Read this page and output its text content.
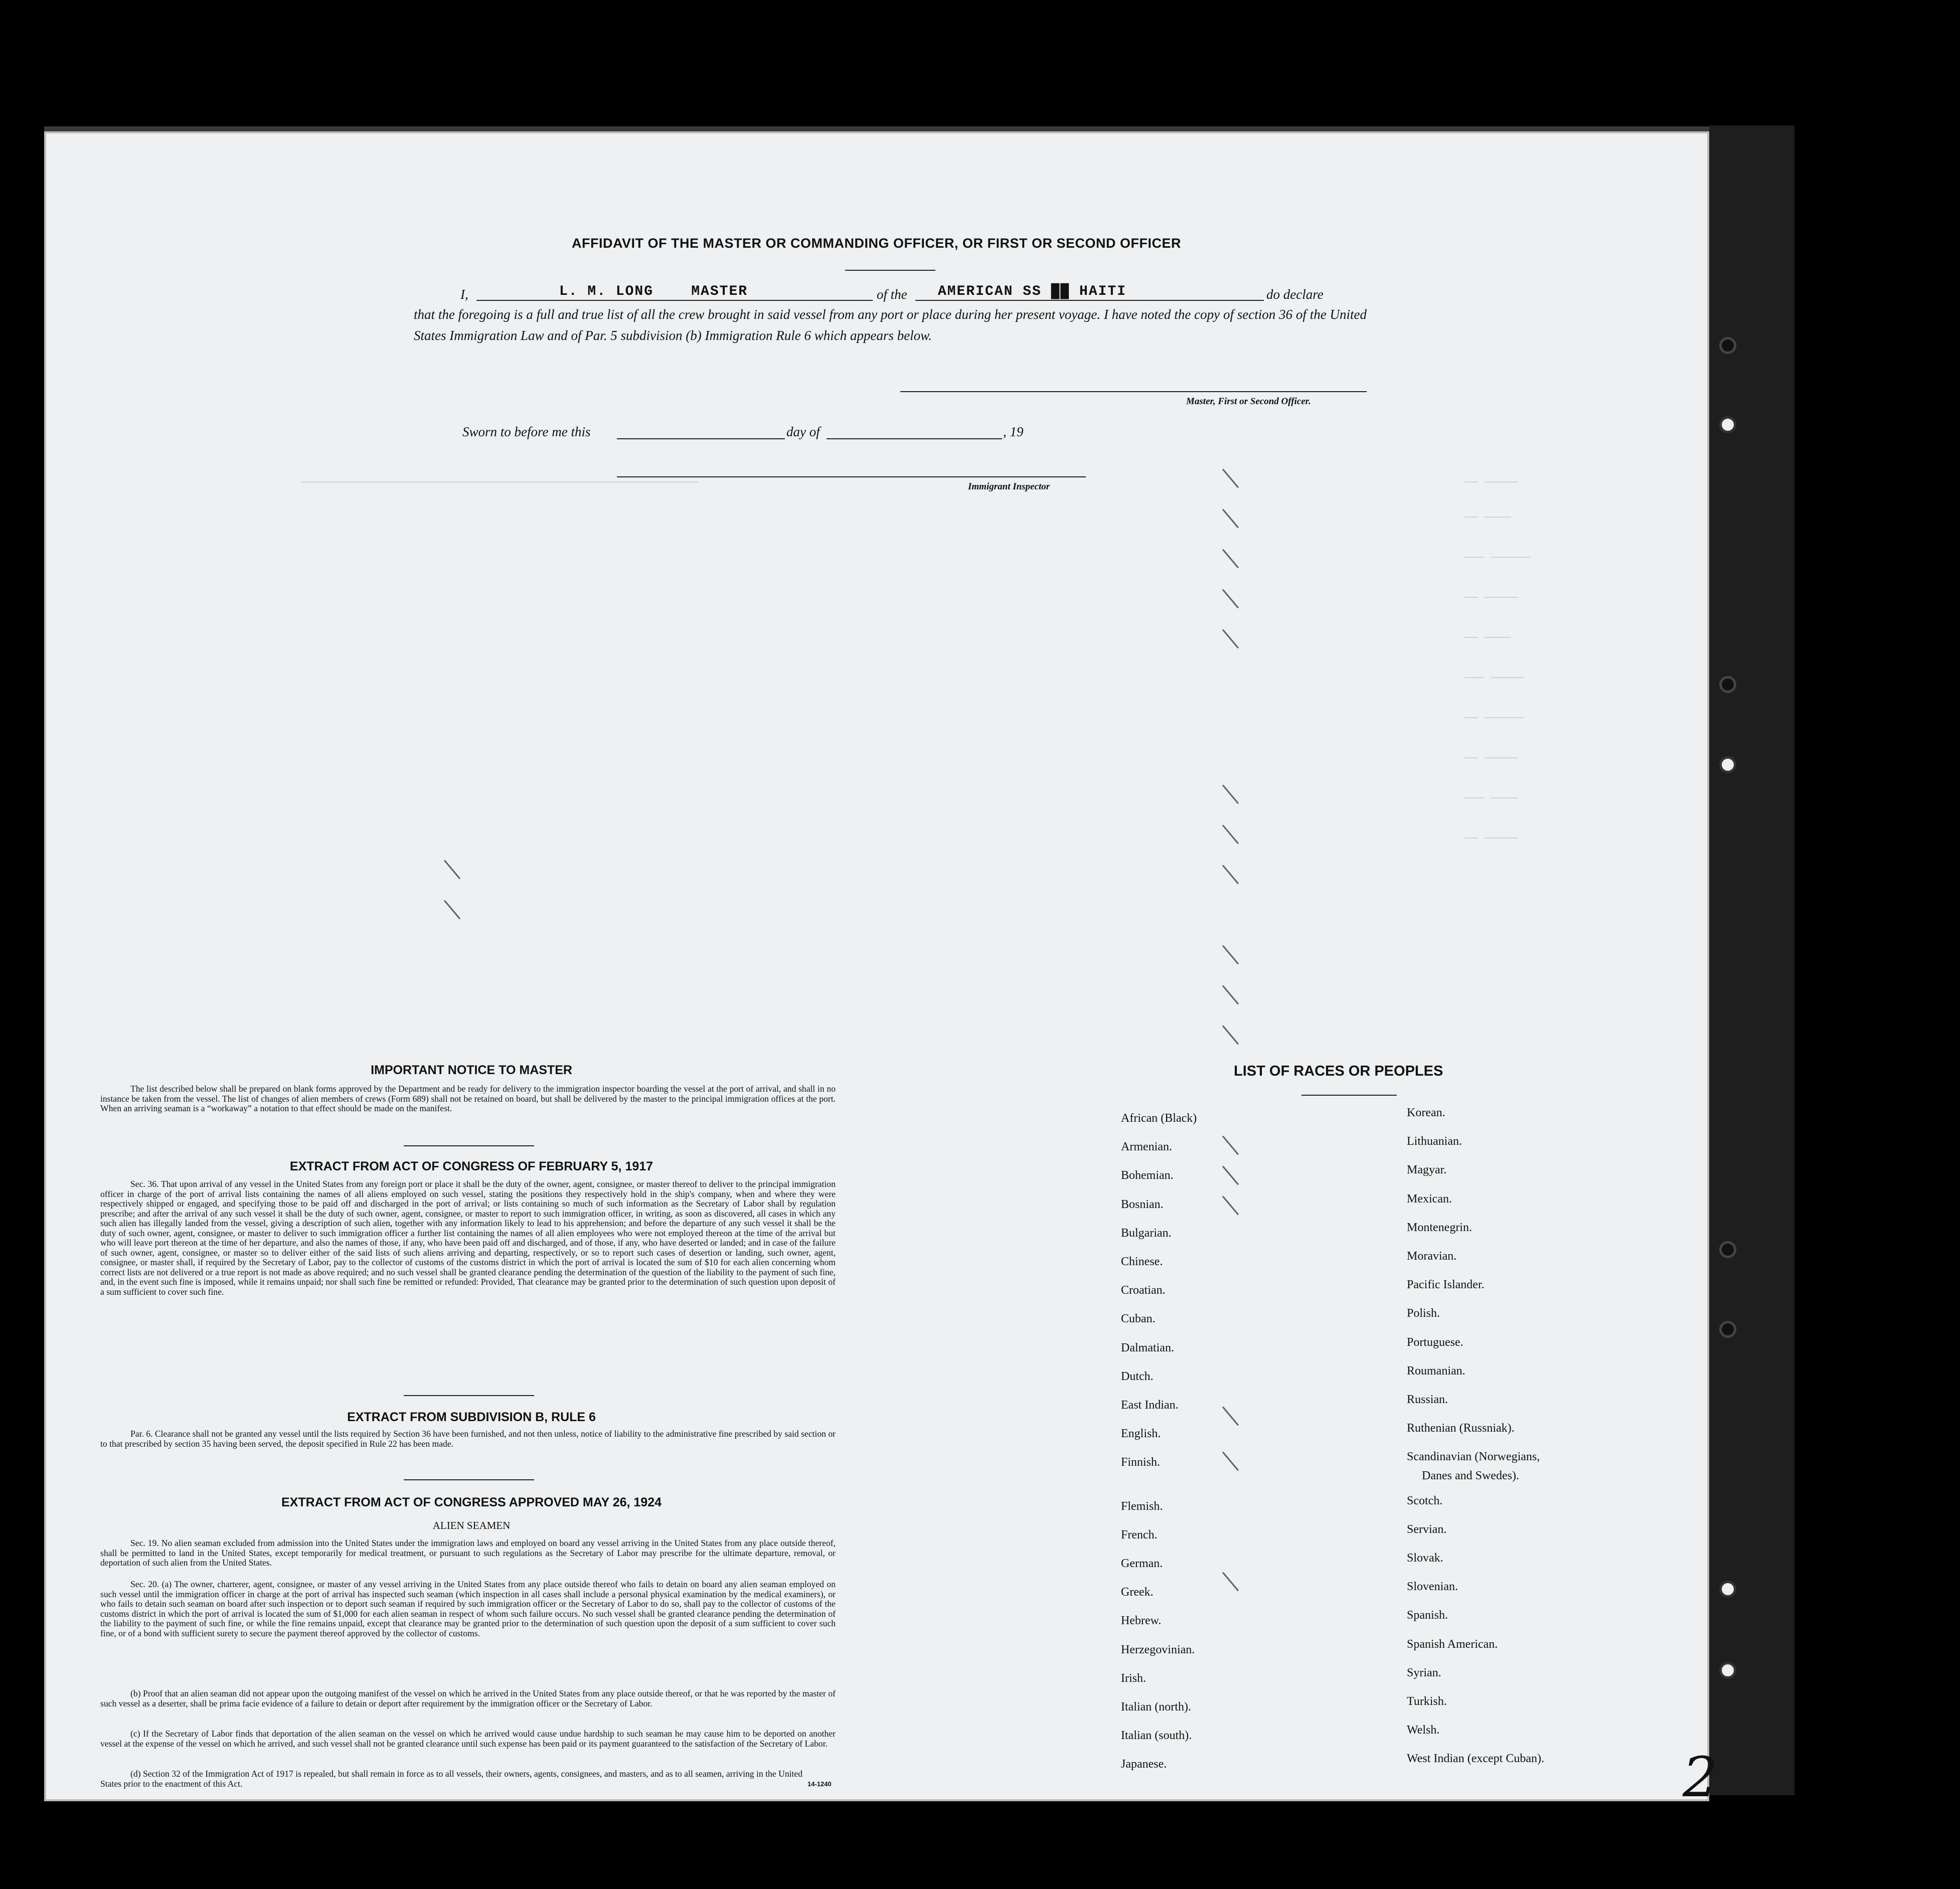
── ─────
── ────
─── ──────
── ─────
── ────
─── ─────
── ──────
── ─────
─── ────
── ─────
────────────────────────────────────────────────────────────
AFFIDAVIT OF THE MASTER OR COMMANDING OFFICER, OR FIRST OR SECOND OFFICER
I,	L. M. LONG    MASTER	of the AMERICAN SS ██ HAITI	do declare
that the foregoing is a full and true list of all the crew brought in said vessel from any port or place during her present voyage. I have noted the copy of section 36 of the United States Immigration Law and of Par. 5 subdivision (b) Immigration Rule 6 which appears below.
Master, First or Second Officer.
Sworn to before me this	day of	, 19
Immigrant Inspector
IMPORTANT NOTICE TO MASTER
The list described below shall be prepared on blank forms approved by the Department and be ready for delivery to the immigration inspector boarding the vessel at the port of arrival, and shall in no instance be taken from the vessel. The list of changes of alien members of crews (Form 689) shall not be retained on board, but shall be delivered by the master to the principal immigration offices at the port. When an arriving seaman is a “workaway” a notation to that effect should be made on the manifest.
EXTRACT FROM ACT OF CONGRESS OF FEBRUARY 5, 1917
Sec. 36. That upon arrival of any vessel in the United States from any foreign port or place it shall be the duty of the owner, agent, consignee, or master thereof to deliver to the principal immigration officer in charge of the port of arrival lists containing the names of all aliens employed on such vessel, stating the positions they respectively hold in the ship's company, when and where they were respectively shipped or engaged, and specifying those to be paid off and discharged in the port of arrival; or lists containing so much of such information as the Secretary of Labor shall by regulation prescribe; and after the arrival of any such vessel it shall be the duty of such owner, agent, consignee, or master to report to such immigration officer, in writing, as soon as discovered, all cases in which any such alien has illegally landed from the vessel, giving a description of such alien, together with any information likely to lead to his apprehension; and before the departure of any such vessel it shall be the duty of such owner, agent, consignee, or master to deliver to such immigration officer a further list containing the names of all alien employees who were not employed thereon at the time of the arrival but who will leave port thereon at the time of her departure, and also the names of those, if any, who have been paid off and discharged, and of those, if any, who have deserted or landed; and in case of the failure of such owner, agent, consignee, or master so to deliver either of the said lists of such aliens arriving and departing, respectively, or so to report such cases of desertion or landing, such owner, agent, consignee, or master shall, if required by the Secretary of Labor, pay to the collector of customs of the customs district in which the port of arrival is located the sum of $10 for each alien concerning whom correct lists are not delivered or a true report is not made as above required; and no such vessel shall be granted clearance pending the determination of the question of the liability to the payment of such fine, and, in the event such fine is imposed, while it remains unpaid; nor shall such fine be remitted or refunded: Provided, That clearance may be granted prior to the determination of such question upon deposit of a sum sufficient to cover such fine.
EXTRACT FROM SUBDIVISION B, RULE 6
Par. 6. Clearance shall not be granted any vessel until the lists required by Section 36 have been furnished, and not then unless, notice of liability to the administrative fine prescribed by said section or to that prescribed by section 35 having been served, the deposit specified in Rule 22 has been made.
EXTRACT FROM ACT OF CONGRESS APPROVED MAY 26, 1924
ALIEN SEAMEN
Sec. 19. No alien seaman excluded from admission into the United States under the immigration laws and employed on board any vessel arriving in the United States from any place outside thereof, shall be permitted to land in the United States, except temporarily for medical treatment, or pursuant to such regulations as the Secretary of Labor may prescribe for the ultimate departure, removal, or deportation of such alien from the United States.
Sec. 20. (a) The owner, charterer, agent, consignee, or master of any vessel arriving in the United States from any place outside thereof who fails to detain on board any alien seaman employed on such vessel until the immigration officer in charge at the port of arrival has inspected such seaman (which inspection in all cases shall include a personal physical examination by the medical examiners), or who fails to detain such seaman on board after such inspection or to deport such seaman if required by such immigration officer or the Secretary of Labor to do so, shall pay to the collector of customs of the customs district in which the port of arrival is located the sum of $1,000 for each alien seaman in respect of whom such failure occurs. No such vessel shall be granted clearance pending the determination of the liability to the payment of such fine, or while the fine remains unpaid, except that clearance may be granted prior to the determination of such question upon the deposit of a sum sufficient to cover such fine, or of a bond with sufficient surety to secure the payment thereof approved by the collector of customs.
(b) Proof that an alien seaman did not appear upon the outgoing manifest of the vessel on which he arrived in the United States from any place outside thereof, or that he was reported by the master of such vessel as a deserter, shall be prima facie evidence of a failure to detain or deport after requirement by the immigration officer or the Secretary of Labor.
(c) If the Secretary of Labor finds that deportation of the alien seaman on the vessel on which he arrived would cause undue hardship to such seaman he may cause him to be deported on another vessel at the expense of the vessel on which he arrived, and such vessel shall not be granted clearance until such expense has been paid or its payment guaranteed to the satisfaction of the Secretary of Labor.
(d) Section 32 of the Immigration Act of 1917 is repealed, but shall remain in force as to all vessels, their owners, agents, consignees, and masters, and as to all seamen, arriving in the United States prior to the enactment of this Act.	14-1240
LIST OF RACES OR PEOPLES
African (Black)
Armenian.
Bohemian.
Bosnian.
Bulgarian.
Chinese.
Croatian.
Cuban.
Dalmatian.
Dutch.
East Indian.
English.
Finnish.
Flemish.
French.
German.
Greek.
Hebrew.
Herzegovinian.
Irish.
Italian (north).
Italian (south).
Japanese.
Korean.
Lithuanian.
Magyar.
Mexican.
Montenegrin.
Moravian.
Pacific Islander.
Polish.
Portuguese.
Roumanian.
Russian.
Ruthenian (Russniak).
Scandinavian (Norwegians,
Scotch.
Servian.
Slovak.
Slovenian.
Spanish.
Spanish American.
Syrian.
Turkish.
Welsh.
West Indian (except Cuban).
Danes and Swedes).
2
